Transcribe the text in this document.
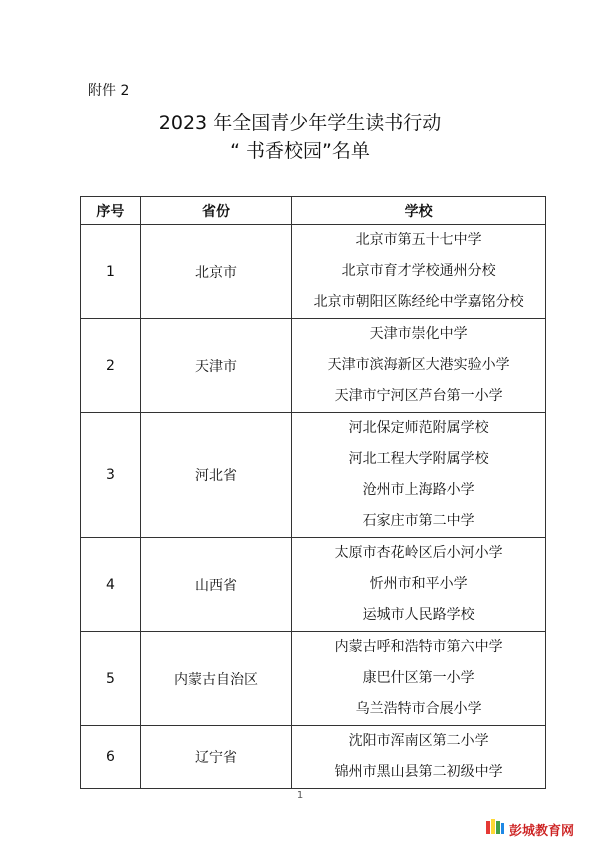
附件 2
2023 年全国青少年学生读书行动
“ 书香校园”名单
序号	省份	学校
1	北京市	北京市第五十七中学
北京市育才学校通州分校
北京市朝阳区陈经纶中学嘉铭分校

2	天津市	天津市崇化中学
天津市滨海新区大港实验小学
天津市宁河区芦台第一小学

3	河北省	河北保定师范附属学校
河北工程大学附属学校
沧州市上海路小学
石家庄市第二中学

4	山西省	太原市杏花岭区后小河小学
忻州市和平小学
运城市人民路学校

5	内蒙古自治区	内蒙古呼和浩特市第六中学
康巴什区第一小学
乌兰浩特市合展小学

6	辽宁省	沈阳市浑南区第二小学
锦州市黑山县第二初级中学
1
彭城教育网
